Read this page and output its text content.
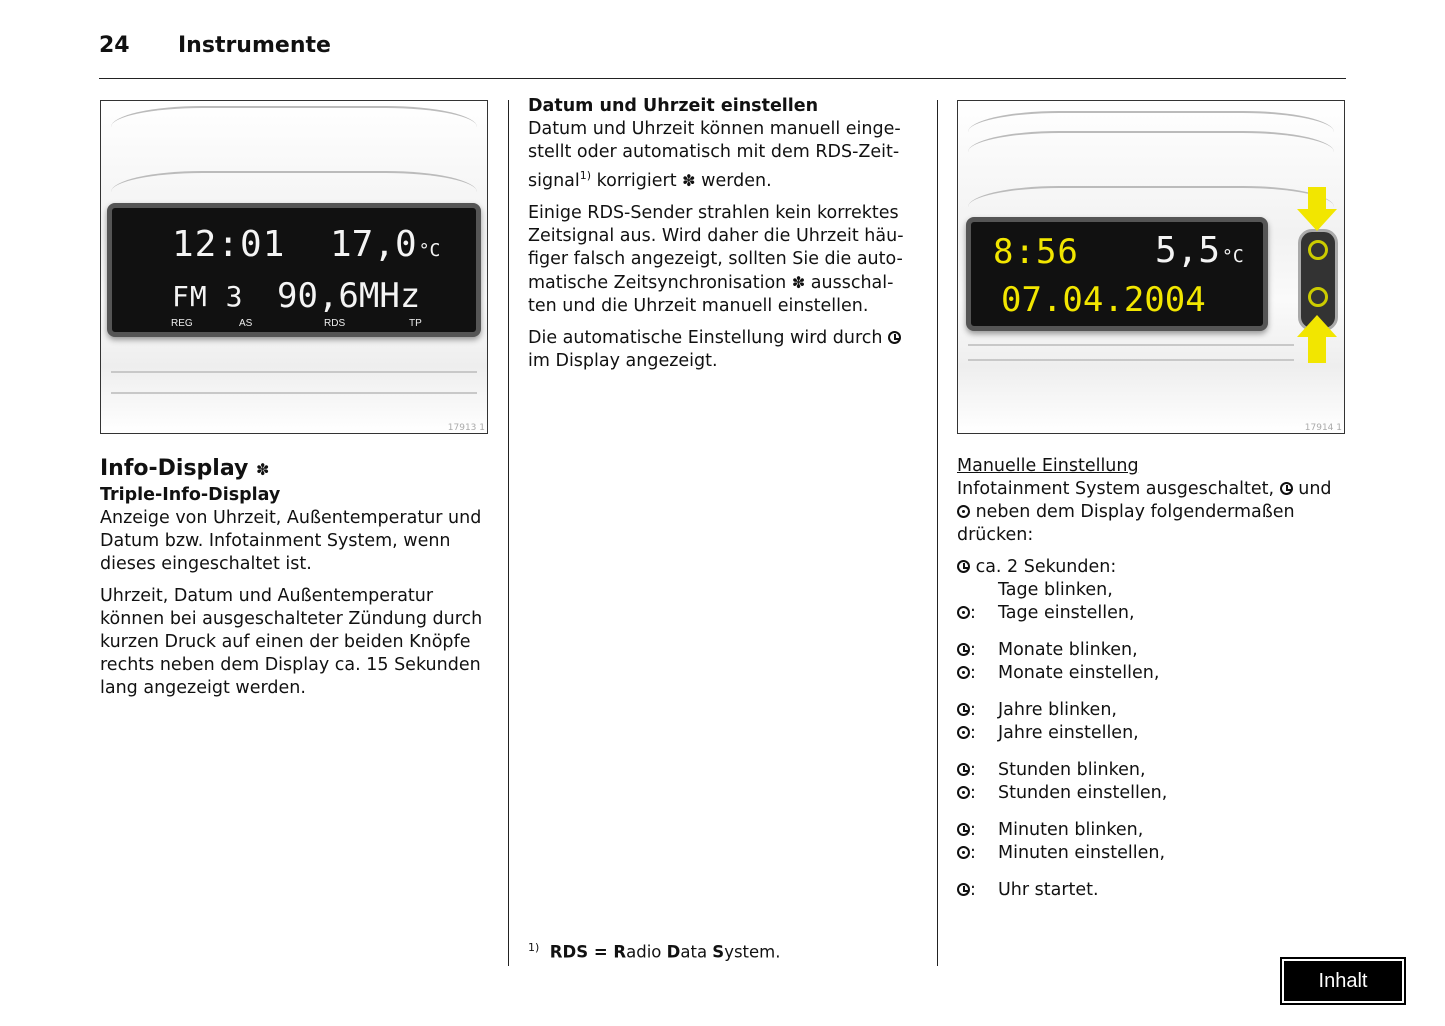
24 Instrumente
12:01 17,0 °C
FM 3 90,6MHz
REG	AS	RDS	TP
17913 1
Info-Display ✽
Triple-Info-Display

Anzeige von Uhrzeit, Außentemperatur und Datum bzw. Infotainment System, wenn dieses eingeschaltet ist.

Uhrzeit, Datum und Außentemperatur können bei ausgeschalteter Zündung durch kurzen Druck auf einen der beiden Knöpfe rechts neben dem Display ca. 15 Sekunden lang angezeigt werden.

Datum und Uhrzeit einstellen

Datum und Uhrzeit können manuell einge-stellt oder automatisch mit dem RDS-Zeit-signal$^{1)}$ korrigiert ✽ werden.

Einige RDS-Sender strahlen kein korrektes Zeitsignal aus. Wird daher die Uhrzeit häu-figer falsch angezeigt, sollten Sie die auto-matische Zeitsynchronisation ✽ ausschal-ten und die Uhrzeit manuell einstellen.

Die automatische Einstellung wird durch
im Display angezeigt.

$^{1)}$ RDS = Radio Data System.
8:56 5,5 °C
07.04.2004
17914 1
Manuelle Einstellung

Infotainment System ausgeschaltet,  und
neben dem Display folgendermaßen drücken:

ca. 2 Sekunden:
Tage blinken,
: Tage einstellen,
: Monate blinken,
: Monate einstellen,
: Jahre blinken,
: Jahre einstellen,
: Stunden blinken,
: Stunden einstellen,
: Minuten blinken,
: Minuten einstellen,
: Uhr startet.
Inhalt
